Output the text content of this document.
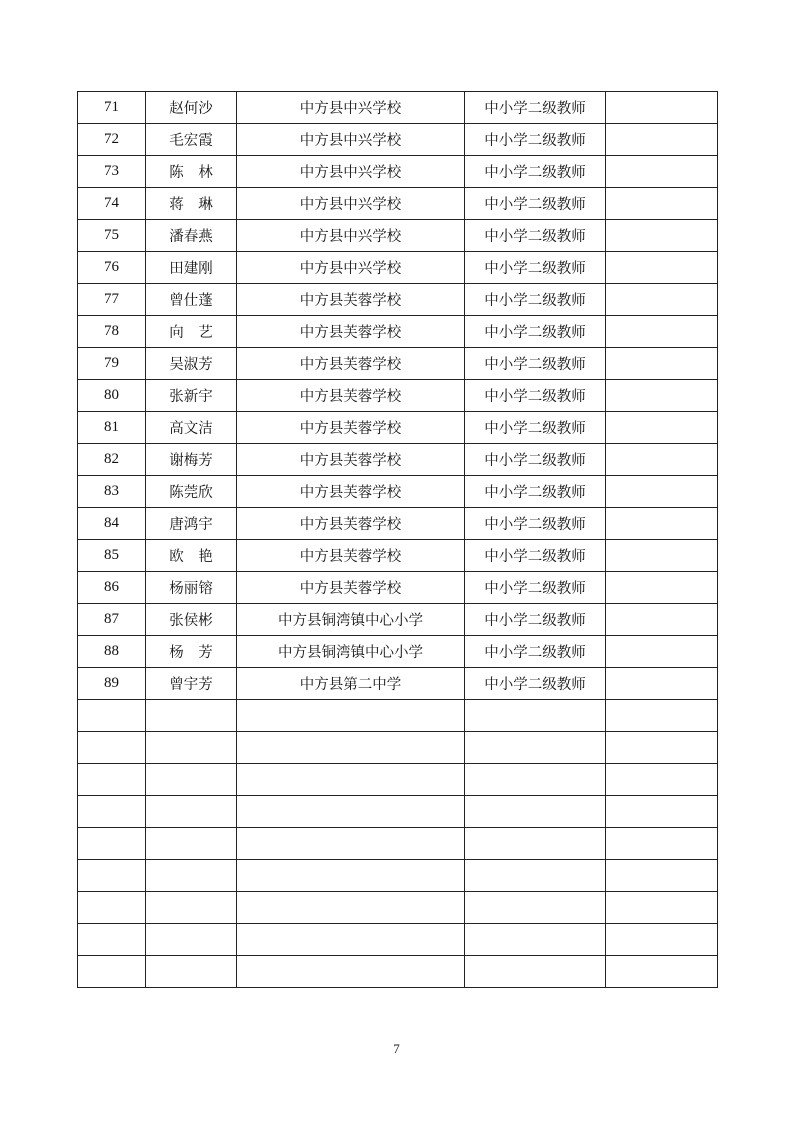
71	赵何沙	中方县中兴学校	中小学二级教师	
72	毛宏霞	中方县中兴学校	中小学二级教师	
73	陈　林	中方县中兴学校	中小学二级教师	
74	蒋　琳	中方县中兴学校	中小学二级教师	
75	潘春燕	中方县中兴学校	中小学二级教师	
76	田建刚	中方县中兴学校	中小学二级教师	
77	曾仕蓬	中方县芙蓉学校	中小学二级教师	
78	向　艺	中方县芙蓉学校	中小学二级教师	
79	吴淑芳	中方县芙蓉学校	中小学二级教师	
80	张新宇	中方县芙蓉学校	中小学二级教师	
81	高文洁	中方县芙蓉学校	中小学二级教师	
82	谢梅芳	中方县芙蓉学校	中小学二级教师	
83	陈莞欣	中方县芙蓉学校	中小学二级教师	
84	唐鸿宇	中方县芙蓉学校	中小学二级教师	
85	欧　艳	中方县芙蓉学校	中小学二级教师	
86	杨丽镕	中方县芙蓉学校	中小学二级教师	
87	张侯彬	中方县铜湾镇中心小学	中小学二级教师	
88	杨　芳	中方县铜湾镇中心小学	中小学二级教师	
89	曾宇芳	中方县第二中学	中小学二级教师	

7
